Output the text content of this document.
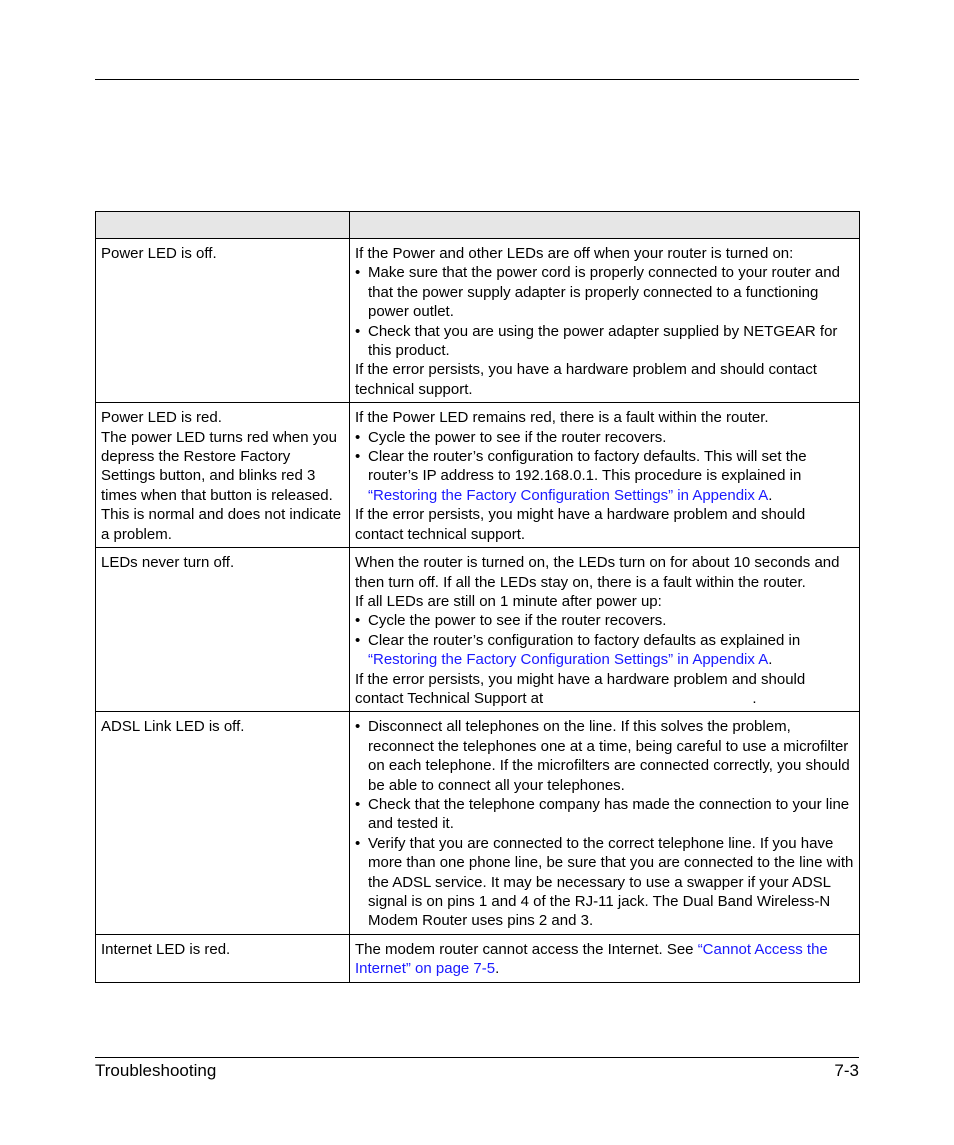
Power LED is off.	If the Power and other LEDs are off when your router is turned on:
• Make sure that the power cord is properly connected to your router and that the power supply adapter is properly connected to a functioning power outlet.
• Check that you are using the power adapter supplied by NETGEAR for this product.
If the error persists, you have a hardware problem and should contact technical support.

Power LED is red.
The power LED turns red when you depress the Restore Factory Settings button, and blinks red 3 times when that button is released. This is normal and does not indicate a problem.	If the Power LED remains red, there is a fault within the router.
• Cycle the power to see if the router recovers.
• Clear the router’s configuration to factory defaults. This will set the router’s IP address to 192.168.0.1. This procedure is explained in “Restoring the Factory Configuration Settings” in Appendix A.
If the error persists, you might have a hardware problem and should contact technical support.

LEDs never turn off.	When the router is turned on, the LEDs turn on for about 10 seconds and then turn off. If all the LEDs stay on, there is a fault within the router.
If all LEDs are still on 1 minute after power up:
• Cycle the power to see if the router recovers.
• Clear the router’s configuration to factory defaults as explained in “Restoring the Factory Configuration Settings” in Appendix A.
If the error persists, you might have a hardware problem and should contact Technical Support at .

ADSL Link LED is off.	• Disconnect all telephones on the line. If this solves the problem, reconnect the telephones one at a time, being careful to use a microfilter on each telephone. If the microfilters are connected correctly, you should be able to connect all your telephones.
• Check that the telephone company has made the connection to your line and tested it.
• Verify that you are connected to the correct telephone line. If you have more than one phone line, be sure that you are connected to the line with the ADSL service. It may be necessary to use a swapper if your ADSL signal is on pins 1 and 4 of the RJ-11 jack. The Dual Band Wireless-N Modem Router uses pins 2 and 3.

Internet LED is red.	The modem router cannot access the Internet. See “Cannot Access the Internet” on page 7-5.
Troubleshooting	7-3
